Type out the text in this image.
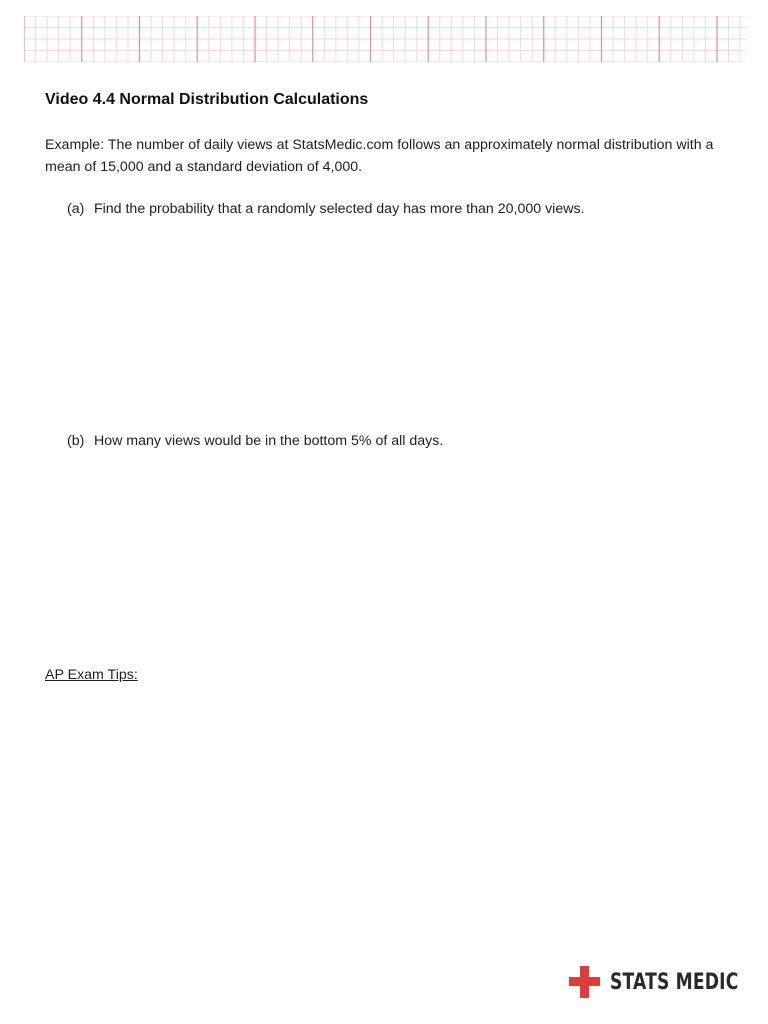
Video 4.4 Normal Distribution Calculations

Example: The number of daily views at StatsMedic.com follows an approximately normal distribution with a mean of 15,000 and a standard deviation of 4,000.

(a) Find the probability that a randomly selected day has more than 20,000 views.

(b) How many views would be in the bottom 5% of all days.

AP Exam Tips:

STATS MEDIC
